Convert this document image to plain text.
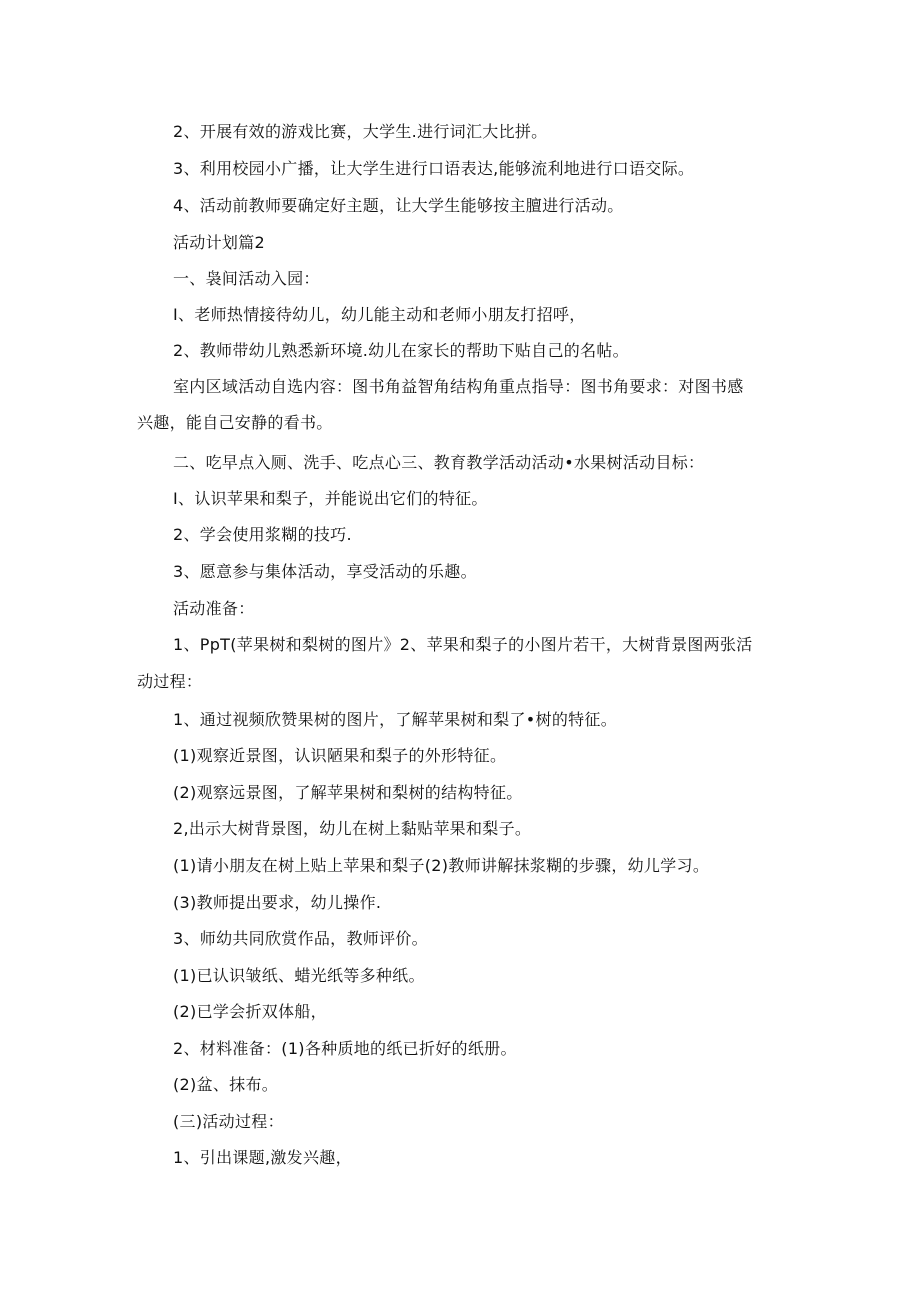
2、开展有效的游戏比赛，大学生.进行词汇大比拼。
3、利用校园小广播，让大学生进行口语表达,能够流利地进行口语交际。
4、活动前教师要确定好主题，让大学生能够按主膻进行活动。
活动计划篇2
一、袅间活动入园：
I、老师热情接待幼儿，幼儿能主动和老师小朋友打招呼，
2、教师带幼儿熟悉新环境.幼儿在家长的帮助下贴自己的名帖。
室内区域活动自选内容：图书角益智角结构角重点指导：图书角要求：对图书感
兴趣，能自己安静的看书。
二、吃早点入厕、洗手、吃点心三、教育教学活动活动•水果树活动目标：
I、认识苹果和梨子，并能说出它们的特征。
2、学会使用浆糊的技巧.
3、愿意参与集体活动，享受活动的乐趣。
活动准备：
1、PpT(苹果树和梨树的图片》2、苹果和梨子的小图片若干，大树背景图两张活
动过程：
1、通过视频欣赞果树的图片，了解苹果树和梨了•树的特征。
(1)观察近景图，认识陋果和梨子的外形特征。
(2)观察远景图，了解苹果树和梨树的结构特征。
2,出示大树背景图，幼儿在树上黏贴苹果和梨子。
(1)请小朋友在树上贴上苹果和梨子(2)教师讲解抹浆糊的步骤，幼儿学习。
(3)教师提出要求，幼儿操作.
3、师幼共同欣赏作品，教师评价。
(1)已认识皱纸、蜡光纸等多种纸。
(2)已学会折双体船，
2、材料准备：(1)各种质地的纸已折好的纸册。
(2)盆、抹布。
(三)活动过程：
1、引出课题,激发兴趣，
